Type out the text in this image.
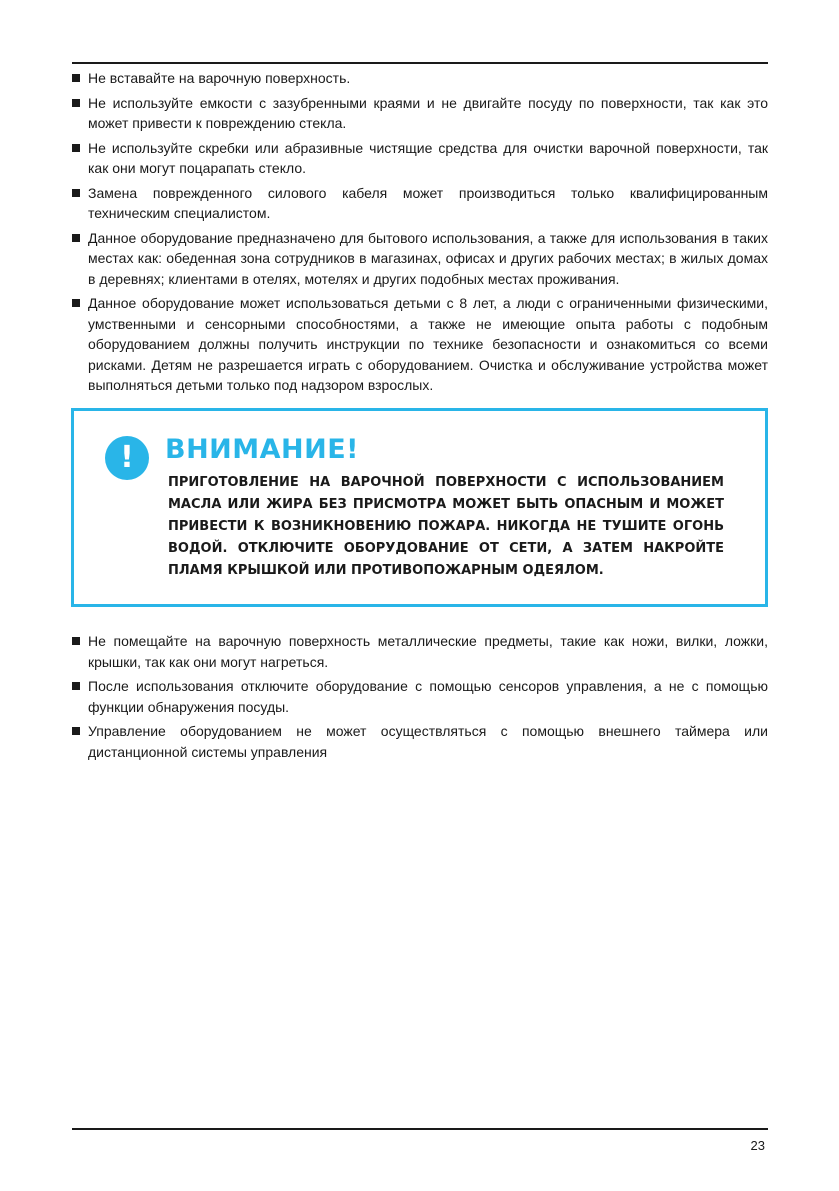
Не вставайте на варочную поверхность.
Не используйте емкости с зазубренными краями и не двигайте посуду по поверхности, так как это может привести к повреждению стекла.
Не используйте скребки или абразивные чистящие средства для очистки варочной поверхности, так как они могут поцарапать стекло.
Замена поврежденного силового кабеля может производиться только квалифицированным техническим специалистом.
Данное оборудование предназначено для бытового использования, а также для использования в таких местах как: обеденная зона сотрудников в магазинах, офисах и других рабочих местах; в жилых домах в деревнях; клиентами в отелях, мотелях и других подобных местах проживания.
Данное оборудование может использоваться детьми с 8 лет, а люди с ограниченными физическими, умственными и сенсорными способностями, а также не имеющие опыта работы с подобным оборудованием должны получить инструкции по технике безопасности и ознакомиться со всеми рисками. Детям не разрешается играть с оборудованием. Очистка и обслуживание устройства может выполняться детьми только под надзором взрослых.
!	ВНИМАНИЕ!

ПРИГОТОВЛЕНИЕ НА ВАРОЧНОЙ ПОВЕРХНОСТИ С ИСПОЛЬЗОВАНИЕМ МАСЛА ИЛИ ЖИРА БЕЗ ПРИСМОТРА МОЖЕТ БЫТЬ ОПАСНЫМ И МОЖЕТ ПРИВЕСТИ К ВОЗНИКНОВЕНИЮ ПОЖАРА. НИКОГДА НЕ ТУШИТЕ ОГОНЬ ВОДОЙ. ОТКЛЮЧИТЕ ОБОРУДОВАНИЕ ОТ СЕТИ, А ЗАТЕМ НАКРОЙТЕ ПЛАМЯ КРЫШКОЙ ИЛИ ПРОТИВОПОЖАРНЫМ ОДЕЯЛОМ.

Не помещайте на варочную поверхность металлические предметы, такие как ножи, вилки, ложки, крышки, так как они могут нагреться.
После использования отключите оборудование с помощью сенсоров управления, а не с помощью функции обнаружения посуды.
Управление оборудованием не может осуществляться с помощью внешнего таймера или дистанционной системы управления
23
